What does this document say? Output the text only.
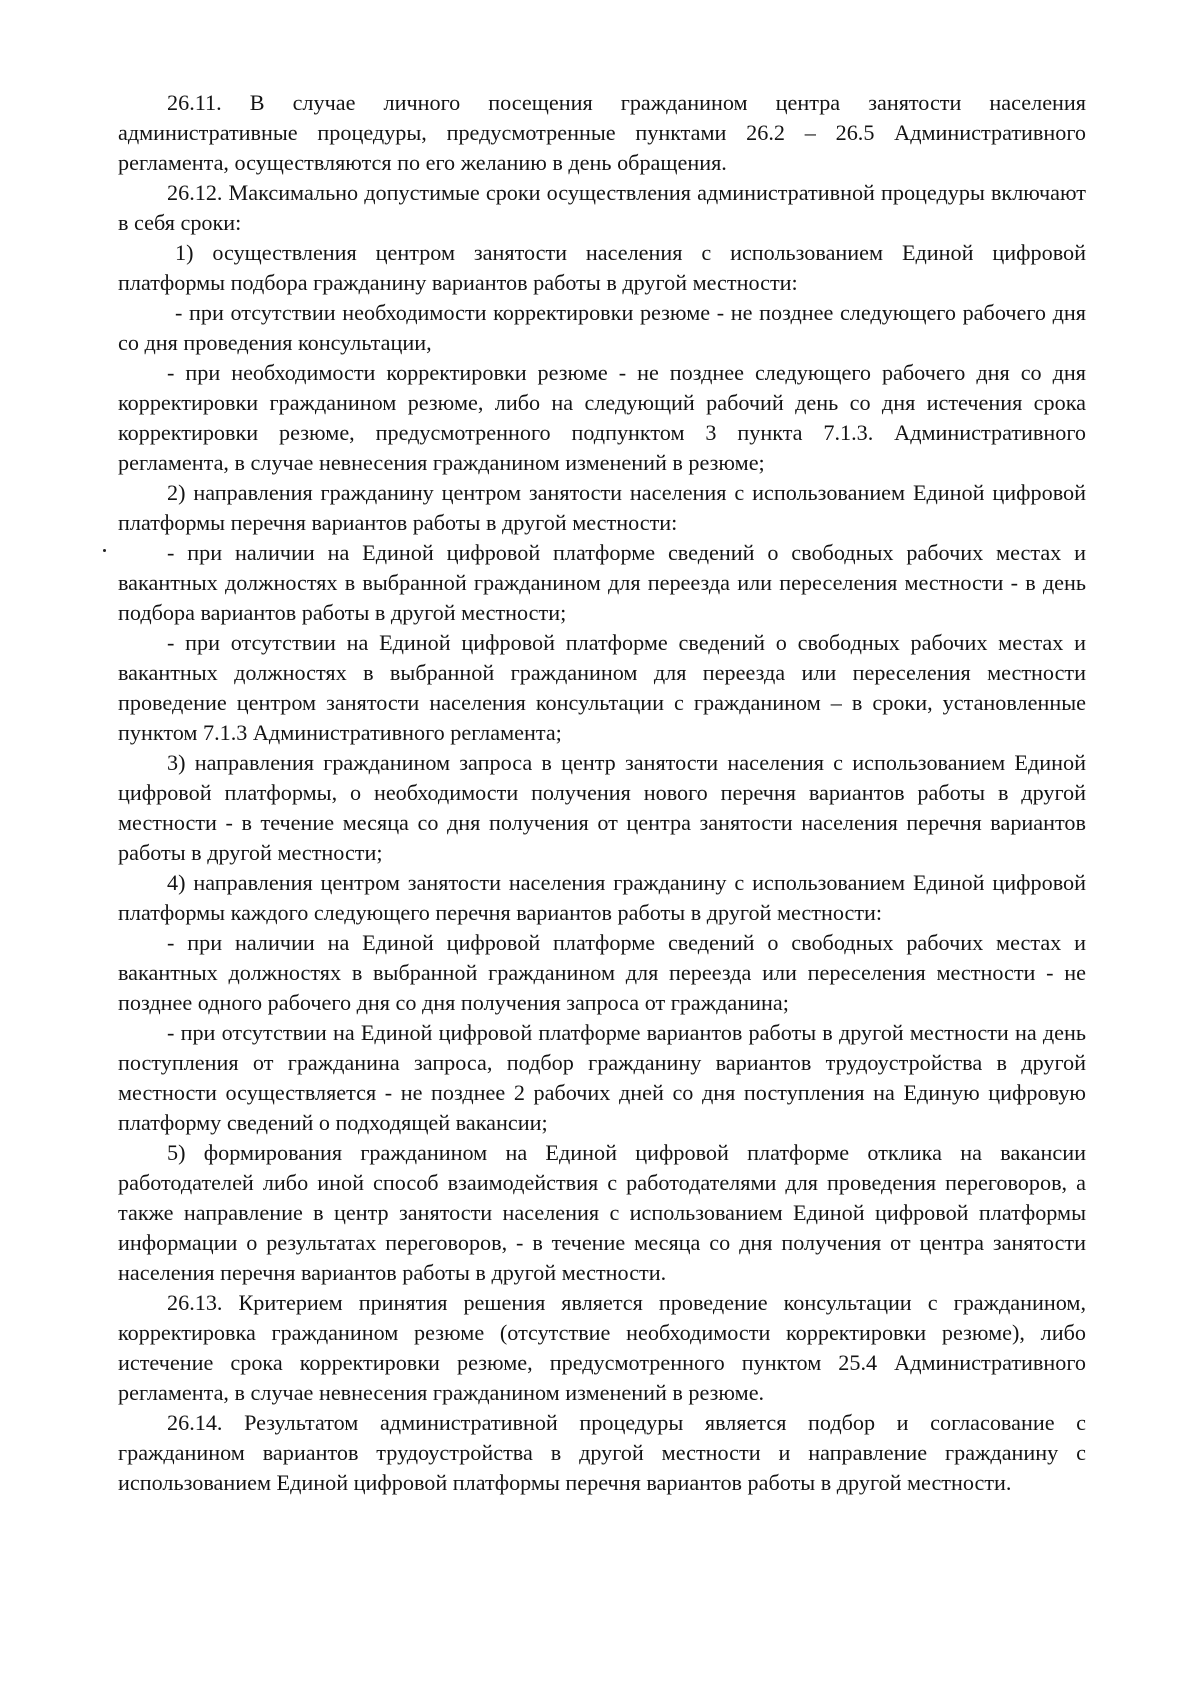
26.11. В случае личного посещения гражданином центра занятости населения административные процедуры, предусмотренные пунктами 26.2 – 26.5 Административного регламента, осуществляются по его желанию в день обращения.

26.12. Максимально допустимые сроки осуществления административной процедуры включают в себя сроки:

1) осуществления центром занятости населения с использованием Единой цифровой платформы подбора гражданину вариантов работы в другой местности:

- при отсутствии необходимости корректировки резюме - не позднее следующего рабочего дня со дня проведения консультации,

- при необходимости корректировки резюме - не позднее следующего рабочего дня со дня корректировки гражданином резюме, либо на следующий рабочий день со дня истечения срока корректировки резюме, предусмотренного подпунктом 3 пункта 7.1.3. Административного регламента, в случае невнесения гражданином изменений в резюме;

2) направления гражданину центром занятости населения с использованием Единой цифровой платформы перечня вариантов работы в другой местности:

- при наличии на Единой цифровой платформе сведений о свободных рабочих местах и вакантных должностях в выбранной гражданином для переезда или переселения местности - в день подбора вариантов работы в другой местности;

- при отсутствии на Единой цифровой платформе сведений о свободных рабочих местах и вакантных должностях в выбранной гражданином для переезда или переселения местности проведение центром занятости населения консультации с гражданином – в сроки, установленные пунктом 7.1.3 Административного регламента;

3) направления гражданином запроса в центр занятости населения с использованием Единой цифровой платформы, о необходимости получения нового перечня вариантов работы в другой местности - в течение месяца со дня получения от центра занятости населения перечня вариантов работы в другой местности;

4) направления центром занятости населения гражданину с использованием Единой цифровой платформы каждого следующего перечня вариантов работы в другой местности:

- при наличии на Единой цифровой платформе сведений о свободных рабочих местах и вакантных должностях в выбранной гражданином для переезда или переселения местности - не позднее одного рабочего дня со дня получения запроса от гражданина;

- при отсутствии на Единой цифровой платформе вариантов работы в другой местности на день поступления от гражданина запроса, подбор гражданину вариантов трудоустройства в другой местности осуществляется - не позднее 2 рабочих дней со дня поступления на Единую цифровую платформу сведений о подходящей вакансии;

5) формирования гражданином на Единой цифровой платформе отклика на вакансии работодателей либо иной способ взаимодействия с работодателями для проведения переговоров, а также направление в центр занятости населения с использованием Единой цифровой платформы информации о результатах переговоров, - в течение месяца со дня получения от центра занятости населения перечня вариантов работы в другой местности.

26.13. Критерием принятия решения является проведение консультации с гражданином, корректировка гражданином резюме (отсутствие необходимости корректировки резюме), либо истечение срока корректировки резюме, предусмотренного пунктом 25.4 Административного регламента, в случае невнесения гражданином изменений в резюме.

26.14. Результатом административной процедуры является подбор и согласование с гражданином вариантов трудоустройства в другой местности и направление гражданину с использованием Единой цифровой платформы перечня вариантов работы в другой местности.
